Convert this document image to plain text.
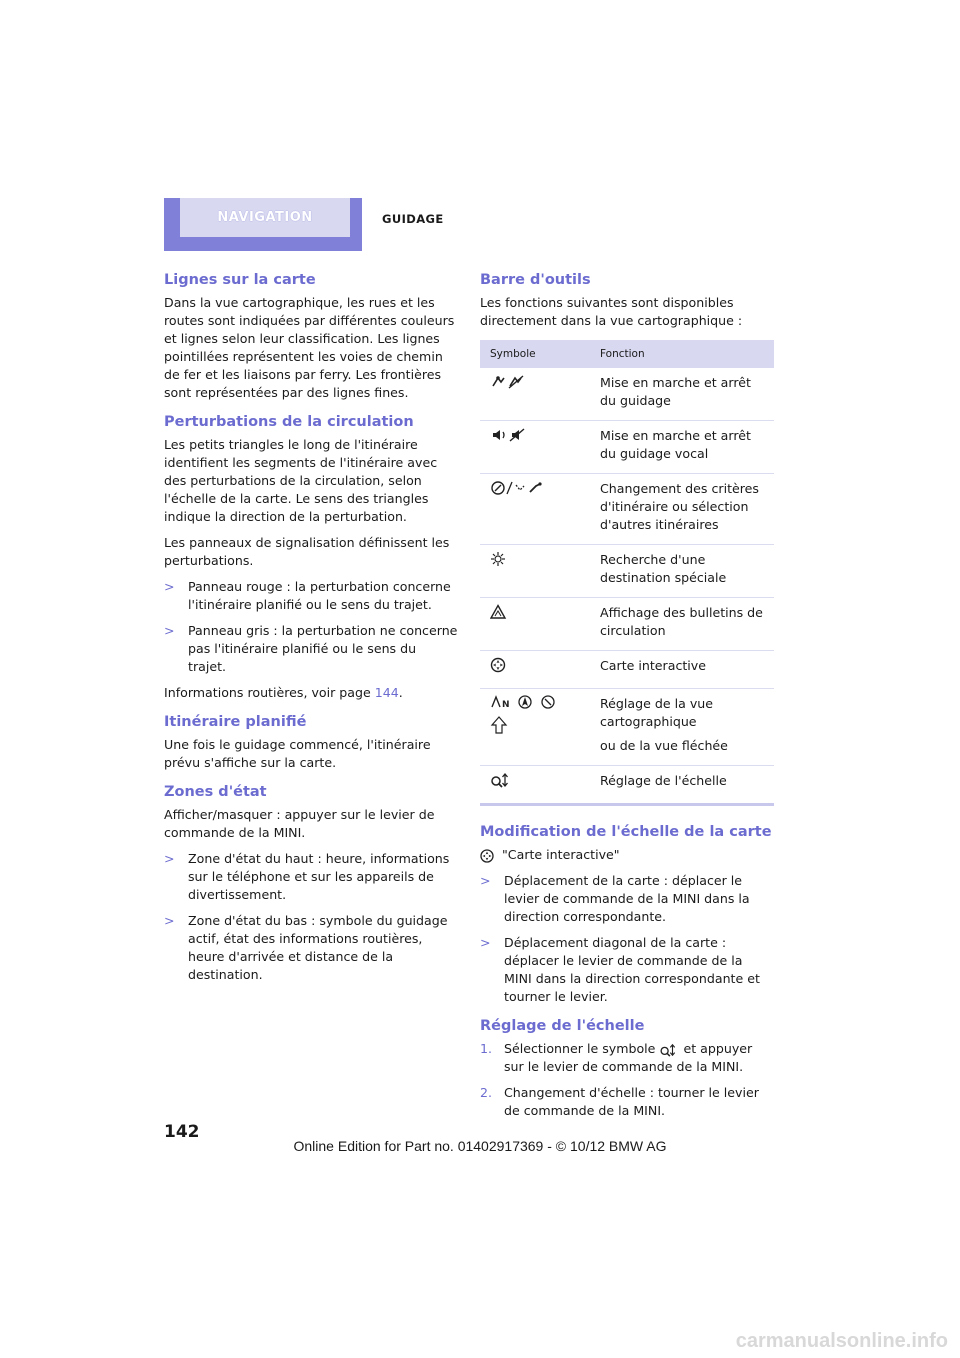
NAVIGATION	GUIDAGE
Lignes sur la carte

Dans la vue cartographique, les rues et les routes sont indiquées par différentes couleurs et lignes selon leur classification. Les lignes pointillées représentent les voies de chemin de fer et les liaisons par ferry. Les frontières sont représentées par des lignes fines.

Perturbations de la circulation

Les petits triangles le long de l'itinéraire identifient les segments de l'itinéraire avec des perturbations de la circulation, selon l'échelle de la carte. Le sens des triangles indique la direction de la perturbation.

Les panneaux de signalisation définissent les perturbations.

>	Panneau rouge : la perturbation concerne l'itinéraire planifié ou le sens du trajet.
>	Panneau gris : la perturbation ne concerne pas l'itinéraire planifié ou le sens du trajet.

Informations routières, voir page 144.

Itinéraire planifié

Une fois le guidage commencé, l'itinéraire prévu s'affiche sur la carte.

Zones d'état

Afficher/masquer : appuyer sur le levier de commande de la MINI.

>	Zone d'état du haut : heure, informations sur le téléphone et sur les appareils de divertissement.
>	Zone d'état du bas : symbole du guidage actif, état des informations routières, heure d'arrivée et distance de la destination.
Barre d'outils

Les fonctions suivantes sont disponibles directement dans la vue cartographique :

Symbole	Fonction
	Mise en marche et arrêt du guidage
	Mise en marche et arrêt du guidage vocal
	Changement des critères d'itinéraire ou sélection d'autres itinéraires
	Recherche d'une destination spéciale
	Affichage des bulletins de circulation
	Carte interactive

N	Réglage de la vue cartographique
ou de la vue fléchée

	Réglage de l'échelle
Modification de l'échelle de la carte

"Carte interactive"

>	Déplacement de la carte : déplacer le levier de commande de la MINI dans la direction correspondante.
>	Déplacement diagonal de la carte : déplacer le levier de commande de la MINI dans la direction correspondante et tourner le levier.
Réglage de l'échelle
1. Sélectionner le symbole  et appuyer sur le levier de commande de la MINI.
2. Changement d'échelle : tourner le levier de commande de la MINI.
142
Online Edition for Part no. 01402917369 - © 10/12 BMW AG
carmanualsonline.info
